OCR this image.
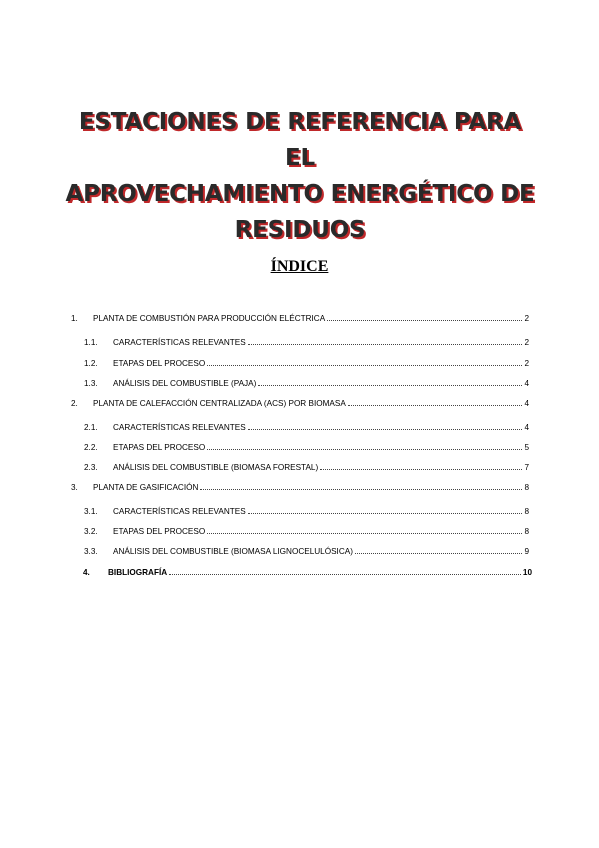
ESTACIONES DE REFERENCIA PARA EL
APROVECHAMIENTO ENERGÉTICO DE
RESIDUOS
ÍNDICE
1.	PLANTA DE COMBUSTIÓN PARA PRODUCCIÓN ELÉCTRICA	2
1.1.	CARACTERÍSTICAS RELEVANTES	2
1.2.	ETAPAS DEL PROCESO	2
1.3.	ANÁLISIS DEL COMBUSTIBLE (PAJA)	4
2.	PLANTA DE CALEFACCIÓN CENTRALIZADA (ACS) POR BIOMASA	4
2.1.	CARACTERÍSTICAS RELEVANTES	4
2.2.	ETAPAS DEL PROCESO	5
2.3.	ANÁLISIS DEL COMBUSTIBLE (BIOMASA FORESTAL)	7
3.	PLANTA DE GASIFICACIÓN	8
3.1.	CARACTERÍSTICAS RELEVANTES	8
3.2.	ETAPAS DEL PROCESO	8
3.3.	ANÁLISIS DEL COMBUSTIBLE (BIOMASA LIGNOCELULÓSICA)	9
4.	BIBLIOGRAFÍA	10
